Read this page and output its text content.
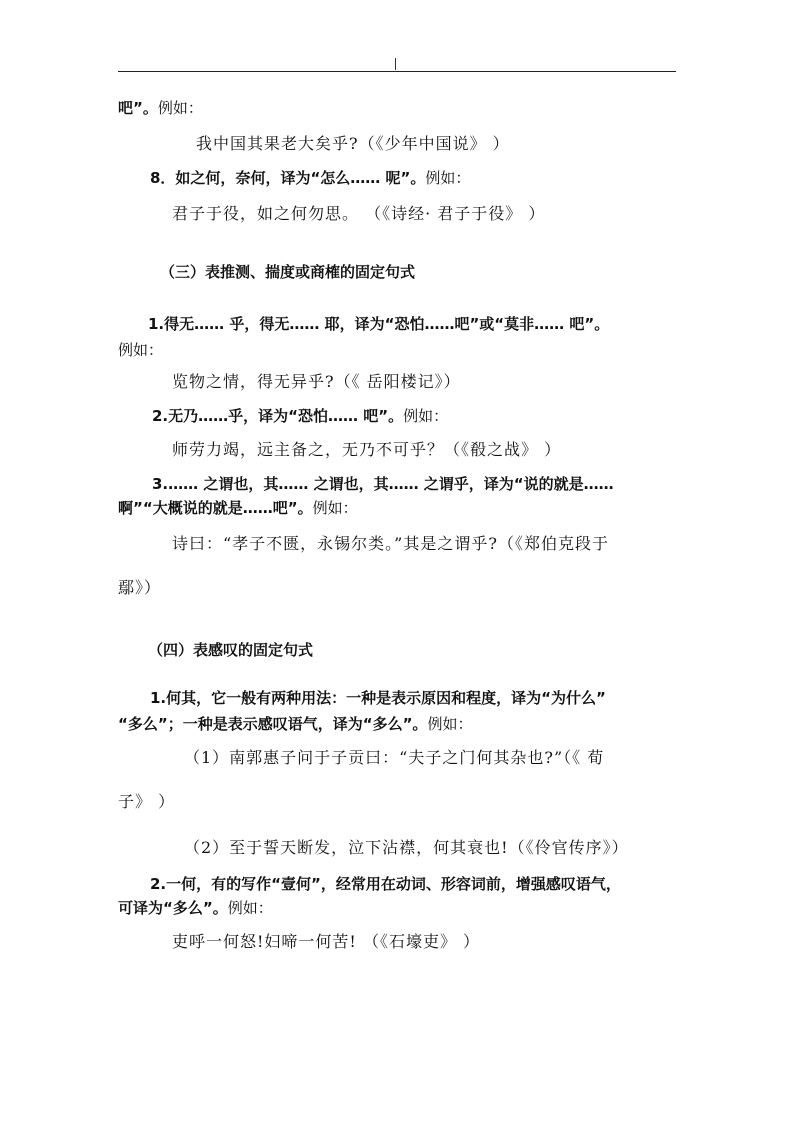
吧”。例如：
我中国其果老大矣乎?（《少年中国说》 ）
8．如之何，奈何，译为“怎么…… 呢”。例如：
君子于役，如之何勿思。 （《诗经· 君子于役》 ）
（三）表推测、揣度或商榷的固定句式
1.得无…… 乎，得无…… 耶，译为“恐怕……吧”或“莫非…… 吧”。
例如：
览物之情，得无异乎?（《 岳阳楼记》）
2.无乃……乎，译为“恐怕…… 吧”。例如：
师劳力竭，远主备之，无乃不可乎？（《殽之战》 ）
3.…… 之谓也，其…… 之谓也，其…… 之谓乎，译为“说的就是……
啊”“大概说的就是……吧”。例如：
诗曰：“孝子不匮，永锡尔类。”其是之谓乎?（《郑伯克段于
鄢》）
（四）表感叹的固定句式
1.何其，它一般有两种用法：一种是表示原因和程度，译为“为什么”
“多么”；一种是表示感叹语气，译为“多么”。例如：
（1）南郭惠子问于子贡曰：“夫子之门何其杂也?”（《 荀
子》 ）
（2）至于誓天断发，泣下沾襟，何其衰也!（《伶官传序》）
2.一何，有的写作“壹何”，经常用在动词、形容词前，增强感叹语气，
可译为“多么”。例如：
吏呼一何怒!妇啼一何苦! （《石壕吏》 ）
